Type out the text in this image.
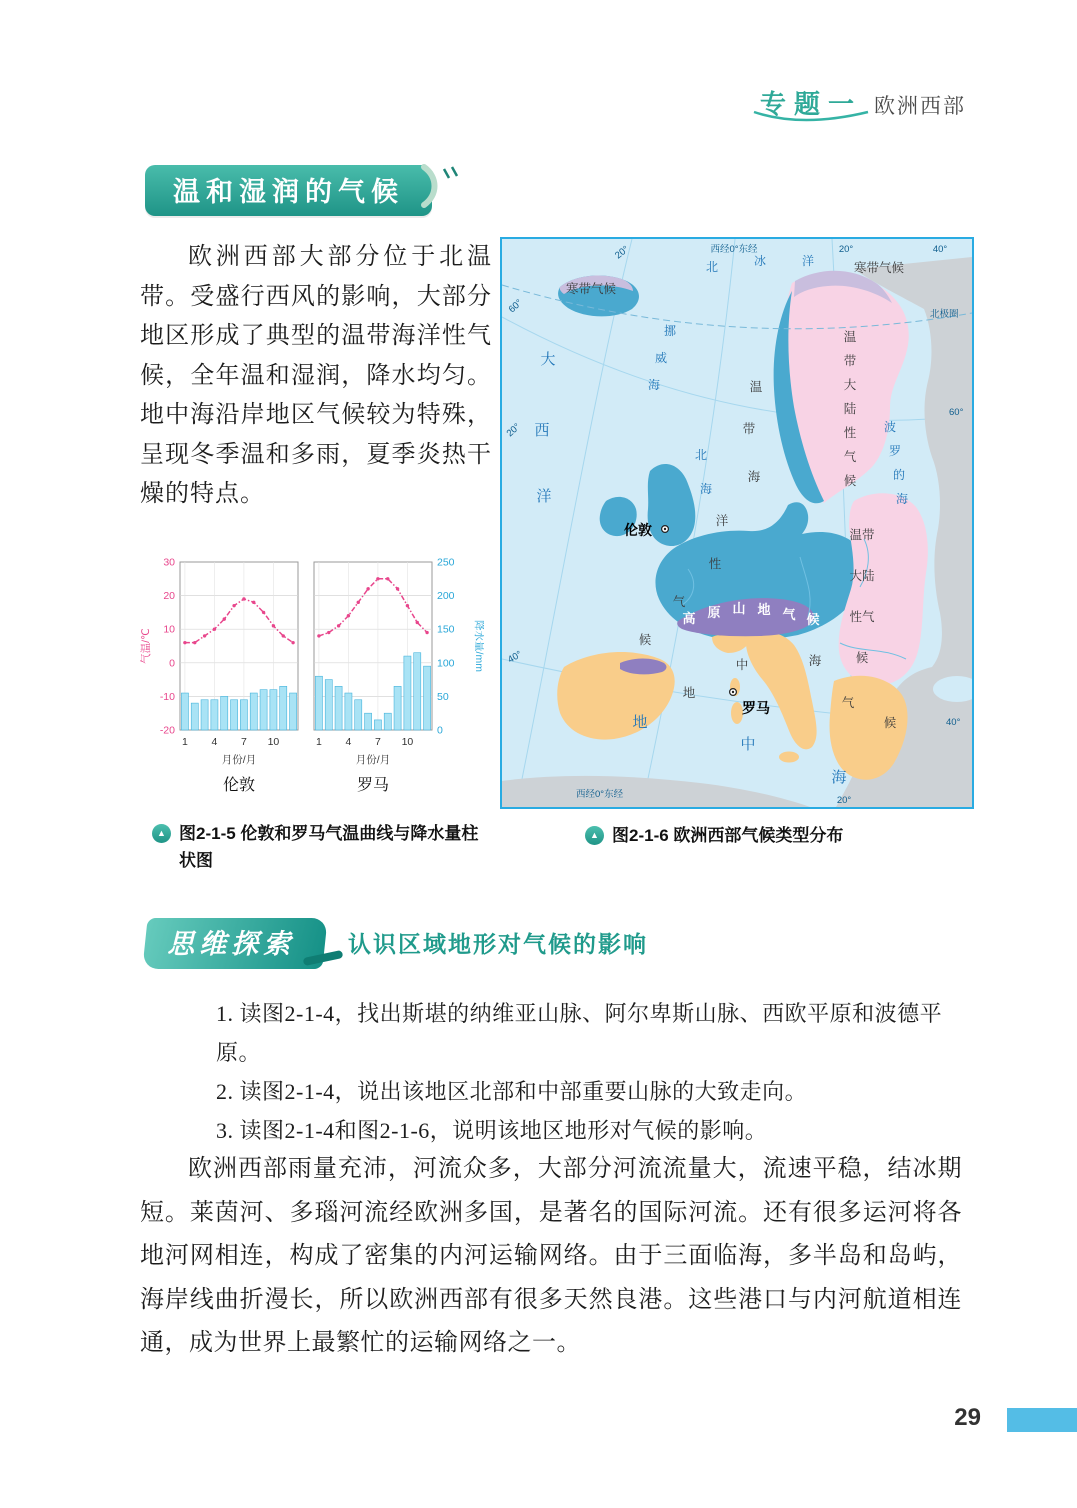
专题一 欧洲西部
温和湿润的气候
欧洲西部大部分位于北温带。受盛行西风的影响，大部分地区形成了典型的温带海洋性气候，全年温和湿润，降水均匀。地中海沿岸地区气候较为特殊，呈现冬季温和多雨，夏季炎热干燥的特点。
-20
-10
0
10
20
30
气温/℃
1 4 7 10
月份/月
伦敦
0
50
100
150
200
250
降水量/mm
1 4 7 10
月份/月
罗马
20°	西经0°东经	20°	40°
60°
20°
40°
北极圈
60°
40°
20°
西经0°东经
北	冰	洋
挪
威
海
大
西
洋
北
海
波
罗
的
海
地
中
海
寒带气候
寒带气候
温
带
大
陆
性
气
候
温
带
海
洋
性
气
候
温带
大陆
性气
候
高 原 山 地 气 候
地
中	海
气
候
伦敦
罗马
▲ 图2-1-5 伦敦和罗马气温曲线与降水量柱状图
▲ 图2-1-6 欧洲西部气候类型分布
思维探索	认识区域地形对气候的影响
1. 读图2-1-4，找出斯堪的纳维亚山脉、阿尔卑斯山脉、西欧平原和波德平原。
2. 读图2-1-4，说出该地区北部和中部重要山脉的大致走向。
3. 读图2-1-4和图2-1-6，说明该地区地形对气候的影响。
欧洲西部雨量充沛，河流众多，大部分河流流量大，流速平稳，结冰期短。莱茵河、多瑙河流经欧洲多国，是著名的国际河流。还有很多运河将各地河网相连，构成了密集的内河运输网络。由于三面临海，多半岛和岛屿，海岸线曲折漫长，所以欧洲西部有很多天然良港。这些港口与内河航道相连通，成为世界上最繁忙的运输网络之一。
29
